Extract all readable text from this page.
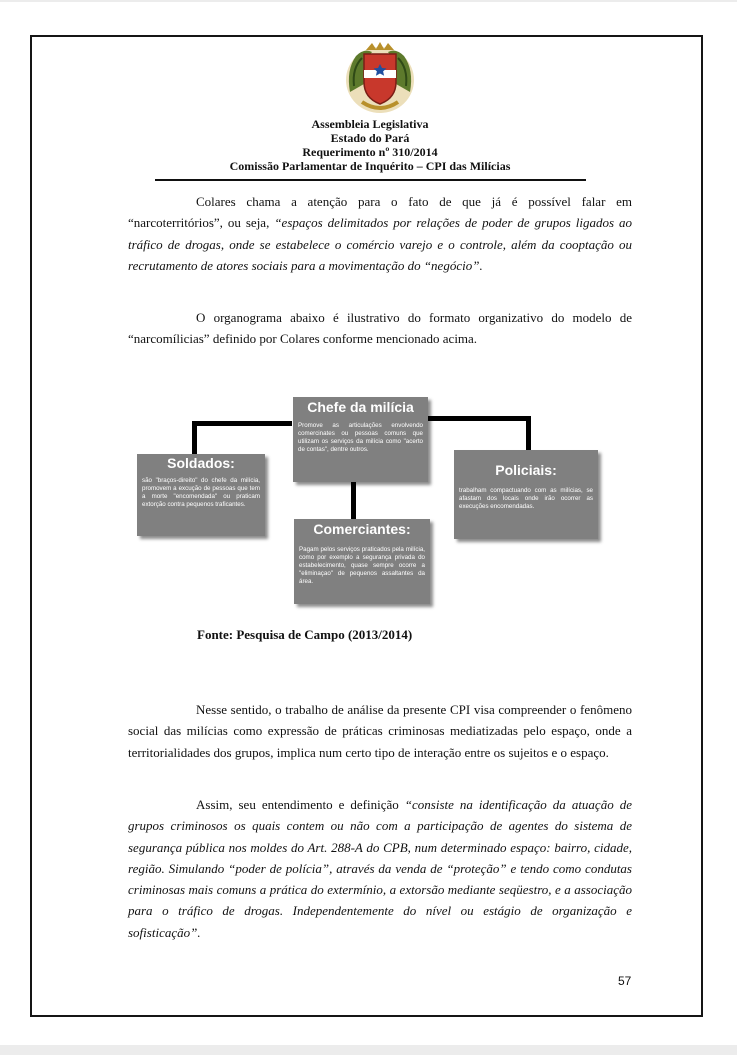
Assembleia Legislativa
Estado do Pará
Requerimento nº 310/2014
Comissão Parlamentar de Inquérito – CPI das Milícias
Colares chama a atenção para o fato de que já é possível falar em “narcoterritórios”, ou seja, “espaços delimitados por relações de poder de grupos ligados ao tráfico de drogas, onde se estabelece o comércio varejo e o controle, além da cooptação ou recrutamento de atores sociais para a movimentação do “negócio”.
O organograma abaixo é ilustrativo do formato organizativo do modelo de “narcomílicias” definido por Colares conforme mencionado acima.
Chefe da milícia
Promove as articulações envolvendo comercinates ou pessoas comuns que utilizam os serviços da milícia como "acerto de contas", dentre outros.
Soldados:
são "braços-direito" do chefe da milícia, promovem a excução de pessoas que tem a morte "encomendada" ou praticam extorção contra pequenos traficantes.
Comerciantes:
Pagam pelos serviços praticados pela milícia, como por exemplo a segurança privada do estabelecimento, quase sempre ocorre a "eliminaçao" de pequenos assaltantes da área.
Policiais:
trabalham compactuando com as milícias, se afastam dos locais onde irão ocorrer as execuções encomendadas.
Fonte: Pesquisa de Campo (2013/2014)
Nesse sentido, o trabalho de análise da presente CPI visa compreender o fenômeno social das milícias como expressão de práticas criminosas mediatizadas pelo espaço, onde a territorialidades dos grupos, implica num certo tipo de interação entre os sujeitos e o espaço.
Assim, seu entendimento e definição “consiste na identificação da atuação de grupos criminosos os quais contem ou não com a participação de agentes do sistema de segurança pública nos moldes do Art. 288-A do CPB, num determinado espaço: bairro, cidade, região. Simulando “poder de polícia”, através da venda de “proteção” e tendo como condutas criminosas mais comuns a prática do extermínio, a extorsão mediante seqüestro, e a associação para o tráfico de drogas. Independentemente do nível ou estágio de organização e sofisticação”.
57
